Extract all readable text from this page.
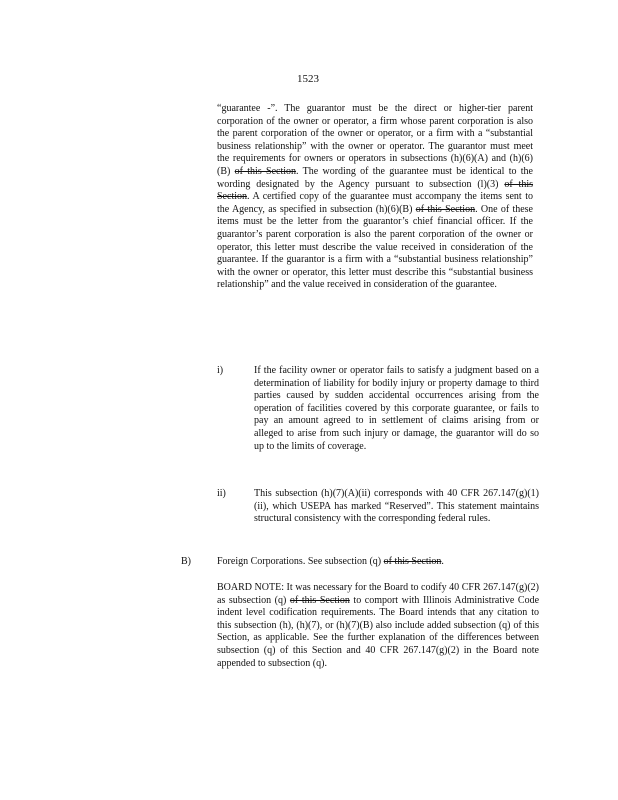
1523
“guarantee -”. The guarantor must be the direct or higher-tier parent corporation of the owner or operator, a firm whose parent corporation is also the parent corporation of the owner or operator, or a firm with a “substantial business relationship” with the owner or operator. The guarantor must meet the requirements for owners or operators in subsections (h)(6)(A) and (h)(6)(B) of this Section. The wording of the guarantee must be identical to the wording designated by the Agency pursuant to subsection (l)(3) of this Section. A certified copy of the guarantee must accompany the items sent to the Agency, as specified in subsection (h)(6)(B) of this Section. One of these items must be the letter from the guarantor’s chief financial officer. If the guarantor’s parent corporation is also the parent corporation of the owner or operator, this letter must describe the value received in consideration of the guarantee. If the guarantor is a firm with a “substantial business relationship” with the owner or operator, this letter must describe this “substantial business relationship” and the value received in consideration of the guarantee.
i)	If the facility owner or operator fails to satisfy a judgment based on a determination of liability for bodily injury or property damage to third parties caused by sudden accidental occurrences arising from the operation of facilities covered by this corporate guarantee, or fails to pay an amount agreed to in settlement of claims arising from or alleged to arise from such injury or damage, the guarantor will do so up to the limits of coverage.
ii)	This subsection (h)(7)(A)(ii) corresponds with 40 CFR 267.147(g)(1)(ii), which USEPA has marked “Reserved”. This statement maintains structural consistency with the corresponding federal rules.
B)	Foreign Corporations. See subsection (q) of this Section.
BOARD NOTE: It was necessary for the Board to codify 40 CFR 267.147(g)(2) as subsection (q) of this Section to comport with Illinois Administrative Code indent level codification requirements. The Board intends that any citation to this subsection (h), (h)(7), or (h)(7)(B) also include added subsection (q) of this Section, as applicable. See the further explanation of the differences between subsection (q) of this Section and 40 CFR 267.147(g)(2) in the Board note appended to subsection (q).
